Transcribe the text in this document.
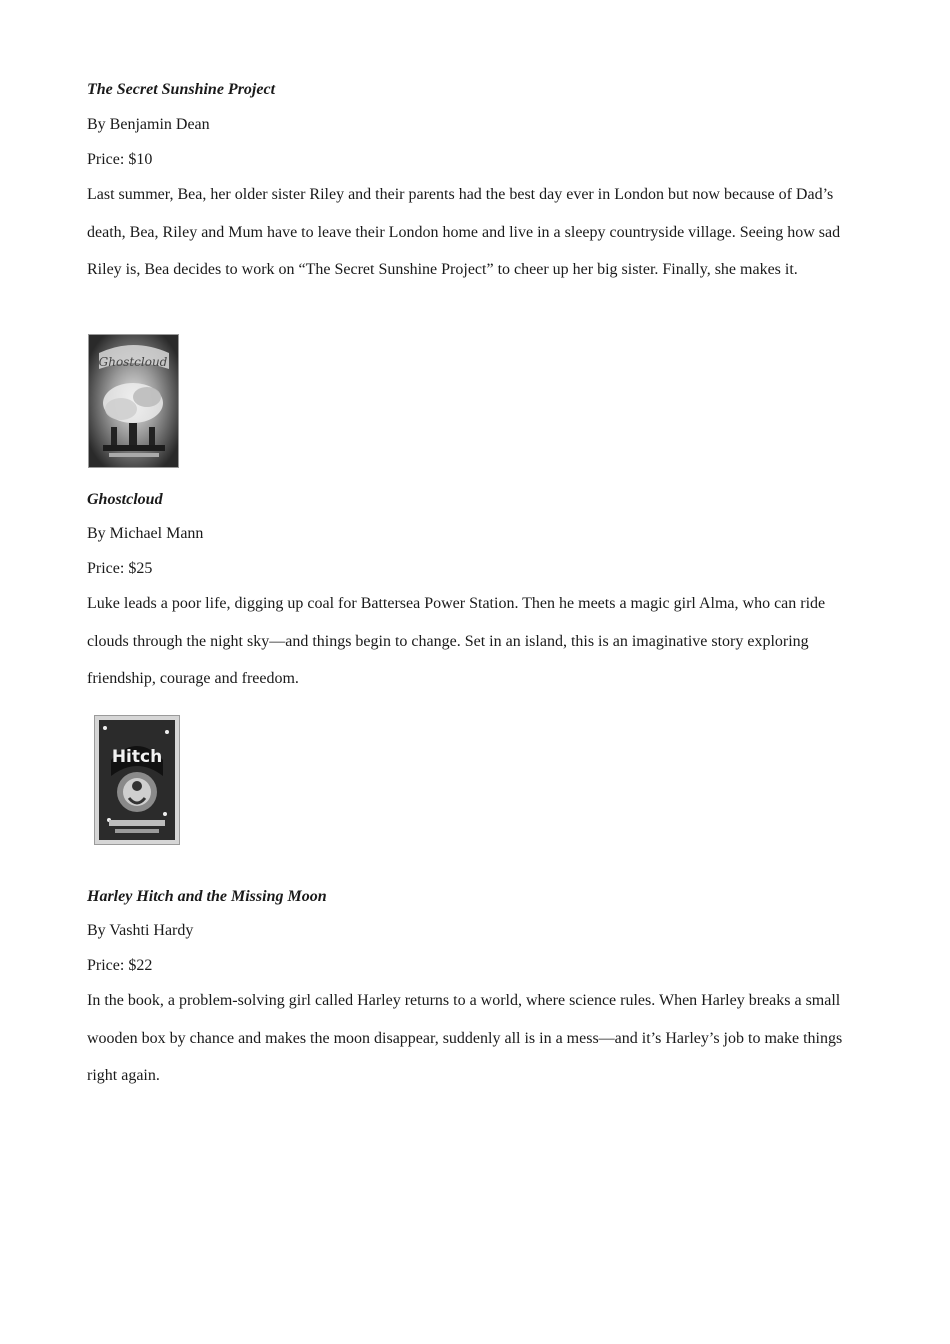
The Secret Sunshine Project
By Benjamin Dean
Price: $10
Last summer, Bea, her older sister Riley and their parents had the best day ever in London but now because of Dad’s death, Bea, Riley and Mum have to leave their London home and live in a sleepy countryside village. Seeing how sad Riley is, Bea decides to work on “The Secret Sunshine Project” to cheer up her big sister. Finally, she makes it.
Ghostcloud
Ghostcloud
By Michael Mann
Price: $25
Luke leads a poor life, digging up coal for Battersea Power Station. Then he meets a magic girl Alma, who can ride clouds through the night sky—and things begin to change. Set in an island, this is an imaginative story exploring friendship, courage and freedom.
Hitch
Harley Hitch and the Missing Moon
By Vashti Hardy
Price: $22
In the book, a problem-solving girl called Harley returns to a world, where science rules. When Harley breaks a small wooden box by chance and makes the moon disappear, suddenly all is in a mess—and it’s Harley’s job to make things right again.
